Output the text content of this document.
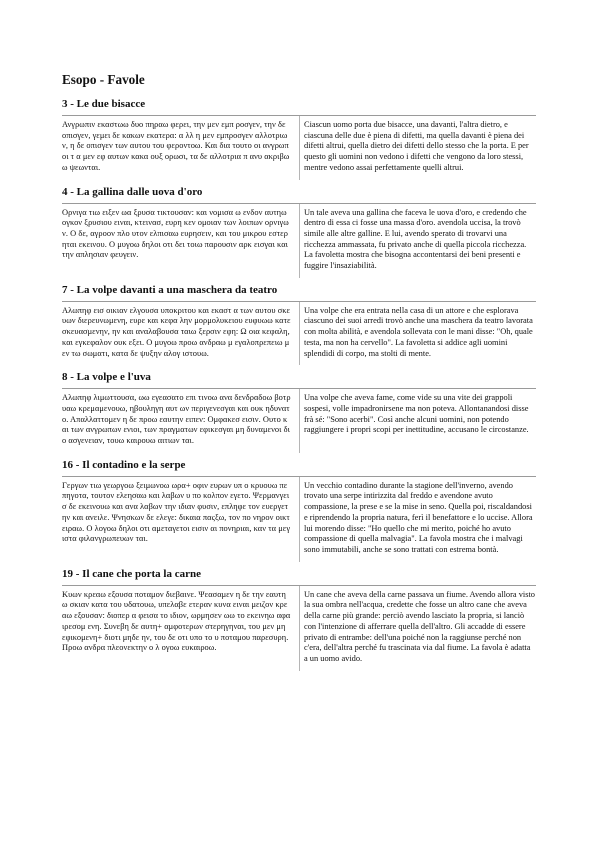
Esopo - Favole
3 - Le due bisacce
Ανγρωπιν εκαστωω δυο πηραω φερει, την μεν εμπ ροσγεν, την δε οπισγεν, γεμει δε κακων εκατερα: α λλ η μεν εμπροσγεν αλλοτριων, η δε οπισγεν των αυτου του φεροντοω. Και δια τουτο οι ανγρωποι τ α μεν εφ αυτων κακα ουξ ορωσι, τα δε αλλοτρια π ανυ ακριβωω ψεωνται.
Ciascun uomo porta due bisacce, una davanti, l'altra dietro, e ciascuna delle due è piena di difetti, ma quella davanti è piena dei difetti altrui, quella dietro dei difetti dello stesso che la porta. E per questo gli uomini non vedono i difetti che vengono da loro stessi, mentre vedono assai perfettamente quelli altrui.
4 - La gallina dalle uova d'oro
Ορνιγα τιω ειξεν ωα ξρυσα τικτουσαν: και νομισα ω ενδον αυτηω ογκον ξρυσιου ειναι, κτεινασ, ευρη κεν ομοιαν των λοιπων ορνιγων. Ο δε, αγροον πλο υτον ελπισαω ευρησειν, και του μικρου εστερηται εκεινου. Ο μυγοω δηλοι οτι δει τοιω παρουσιν αρκ εισγαι και την απλησιαν φευγειν.
Un tale aveva una gallina che faceva le uova d'oro, e credendo che dentro di essa ci fosse una massa d'oro. avendola uccisa, la trovò simile alle altre galline. E lui, avendo sperato di trovarvi una ricchezza ammassata, fu privato anche di quella piccola ricchezza. La favoletta mostra che bisogna accontentarsi dei beni presenti e fuggire l'insaziabilità.
7 - La volpe davanti a una maschera da teatro
Αλωπηφ εισ οικιαν ελγουσα υποκριτου και εκαστ α των αυτου σκευων διερευνωμενη, ευρε και κεφα λην μορμολυκειου ευφυωω κατεσκευασμενην, ην και αναλαβουσα ταιω ξερσιν εφη: Ω οια κεφαλη, και εγκεφαλον ουκ εξει. Ο μυγοω προω ανδραω μ εγαλοπρεπειω μεν τω σωματι, κατα δε ψυξην αλογ ιστουω.
Una volpe che era entrata nella casa di un attore e che esplorava ciascuno dei suoi arredi trovò anche una maschera da teatro lavorata con molta abilità, e avendola sollevata con le mani disse: "Oh, quale testa, ma non ha cervello". La favoletta si addice agli uomini splendidi di corpo, ma stolti di mente.
8 - La volpe e l'uva
Αλωπηφ λιμωττουσα, ωω εγεασατο επι τινοω ανα δενδραδοω βοτρυαω κρεμαμενουω, ηβουληγη αυτ ων περιγενεσγαι και ουκ ηδυνατο. Απαλλαττομεν η δε προω εαυτην ειπεν: Ομφακεσ εισιν. Ουτο κ αι των ανγρωπων ενιοι, των πραγματων εφικεσγαι μη δυναμενοι διο ασγενειαν, τουω καιρουω αιτιων ται.
Una volpe che aveva fame, come vide su una vite dei grappoli sospesi, volle impadronirsene ma non poteva. Allontanandosi disse frà sé: "Sono acerbi". Così anche alcuni uomini, non potendo raggiungere i propri scopi per inettitudine, accusano le circostanze.
16 - Il contadino e la serpe
Γεργων τιω γεωργοω ξειμωνοω ωρα+ οφιν ευρων υπ ο κρυουω πεπηγοτα, τουτον ελεησαω και λαβων υ πο κολπον εγετο. Ψερμανγεισ δε εκεινουω και ανα λαβων την ιδιαν φυσιν, επληφε τον ευεργετην και ανειλε. Ψνησκων δε ελεγε: δικαια παςξω, τον πο νηρον οικτειραω. Ο λογοω δηλοι οτι αμεταγετοι εισιν αι πονηριαι, καν τα μεγιστα φιλανγρωπευων ται.
Un vecchio contadino durante la stagione dell'inverno, avendo trovato una serpe intirizzita dal freddo e avendone avuto compassione, la prese e se la mise in seno. Quella poi, riscaldandosi e riprendendo la propria natura, ferì il benefattore e lo uccise. Allora lui morendo disse: "Ho quello che mi merito, poiché ho avuto compassione di quella malvagia". La favola mostra che i malvagi sono immutabili, anche se sono trattati con estrema bontà.
19 - Il cane che porta la carne
Κυων κρεαω εξουσα ποταμον διεβαινε. Ψεασαμεν η δε την εαυτηω σκιαν κατα του υδατουω, υπελαβε ετεραν κυνα ειναι μειζον κρεαω εξουσαν: διοπερ α φεισα το ιδιον, ωρμησεν ωω το εκεινηω αφαιρεσομ ενη. Συνεβη δε αυτη+ αμφοτερων στερηγηναι, του μεν μη εφικομενη+ διοτι μηδε ην, του δε οτι υπο το υ ποταμου παρεσυρη. Προω ανδρα πλεονεκτην ο λ ογοω ευκαιροω.
Un cane che aveva della carne passava un fiume. Avendo allora visto la sua ombra nell'acqua, credette che fosse un altro cane che aveva della carne più grande: perciò avendo lasciato la propria, si lanciò con l'intenzione di afferrare quella dell'altro. Gli accadde di essere privato di entrambe: dell'una poiché non la raggiunse perché non c'era, dell'altra perché fu trascinata via dal fiume. La favola è adatta a un uomo avido.
